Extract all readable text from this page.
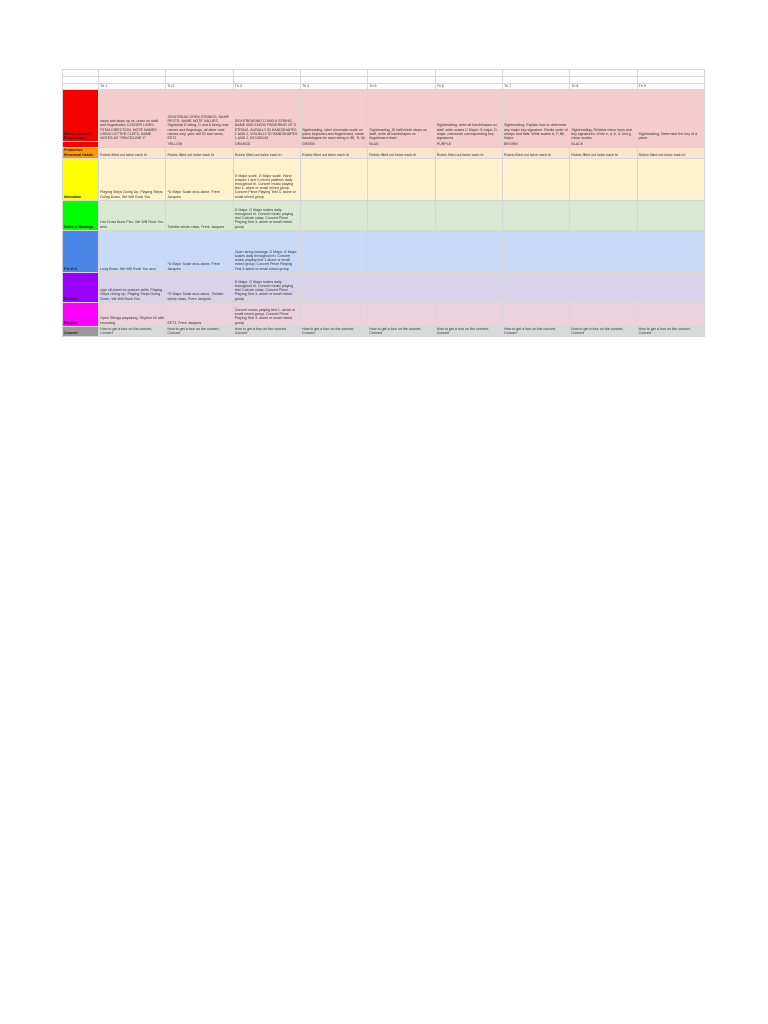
	Tri 1	Tri 2	Tri 3	Tri 4	Tri 5	Tri 6	Tri 7	Tri 8	Tri 9
Music Literacy / Progression	steps and skips up vs. down on staff and fingerboard, LEDGER LINES, STEM DIRECTION, NOTE NAMES USING LETTER CLEFS, NAME NOTES AS "SPACE/LINE X"	SIGHTREAD OPEN STRINGS, NAME RESTS, NAME NOTE VALUES, Sightread D string, D and A string note names and fingerings, all other note names only, your clef ID and name, EE72	SIGHTREADING D AND A STRING, NAME AND KNOW FINGERING OF G STRING, AURALLY ID HANDSHAPES 1 AND 2, VISUALLY ID HANDSHAPES 1 AND 2, EE138/143	Sightreading, label chromatic scale on piano keyboard and fingerboard, name handshapes for each string in 8ff, 'ff, 3#	Sightreading, ID half/whole steps on staff, write all handshapes on fingerboard chart	Sightreading, write all handshapes on staff, write scales C Major, G major, D major, memorize corresponding key signatures	Sightreading, Explain how to determine any major key signature. Recite order of sharps and flats. Write scales A, F, Bb Major.	Sightreading, Relative minor keys and key signatures. Write e, a, b, d, and g minor scales.	Sightreading, Determine the key of a piece.
		YELLOW	ORANGE	GREEN	BLUE	PURPLE	BROWN	BLACK	
Productive Rehearsal Habits	Rubric filled out twice each tri	Rubric filled out twice each tri	Rubric filled out twice each tri	Rubric filled out twice each tri	Rubric filled out twice each tri	Rubric filled out twice each tri	Rubric filled out twice each tri	Rubric filled out twice each tri	Rubric filled out twice each tri
Intonation	Playing Steps Going Up, Playing Steps Going Down, We Will Rock You	*D Major Scale arco-alone, Frere Jacques	D Major scale, G Major scale, Hand shapes 1 and 2 mixed patterns daily throughout tri. Concert music playing test 1- alone or small mixed group. Concert Piece Playing Test 3- alone or small mixed group						
Notes & Bowings	Hot Cross Buns Pizz, We Will Rock You arco	Twinkle-whole class, Frere Jacques	D Major, G Major scales daily throughout tri. Concert music playing test 2-whole class; Concert Piece Playing Test 3- alone or small mixed group						
P.A.W.S.	Long Bows, We Will Rock You arco	*D Major Scale arco-alone, Frere Jacques	Open string bowings, D Major, G Major scales daily throughout tri. Concert music playing test 1-alone or small mixed group; Concert Piece Playing Test 3-alone or small mixed group						
Posture	sign off sheet for posture skills, Playing Steps Going Up, Playing Steps Going Down, We Will Rock You	*D Major Scale arco-alone, Twinkle-whole class, Frere Jacques	D Major, G Major scales daily throughout tri. Concert music playing test 2-whole class; Concert Piece Playing Test 3- alone or small mixed group						
Rhythm	Open Strings playalong, Rhythm #3 with recording	EE73, Frere Jacques	Concert music playing test 1- alone or small mixed group. Concert Piece Playing Test 3- alone or small mixed group						
Concert	How to get a four on the concert, Concert	How to get a four on the concert, Concert	How to get a four on the concert, Concert	How to get a four on the concert, Concert	How to get a four on the concert, Concert	How to get a four on the concert, Concert	How to get a four on the concert, Concert	How to get a four on the concert, Concert	How to get a four on the concert, Concert
